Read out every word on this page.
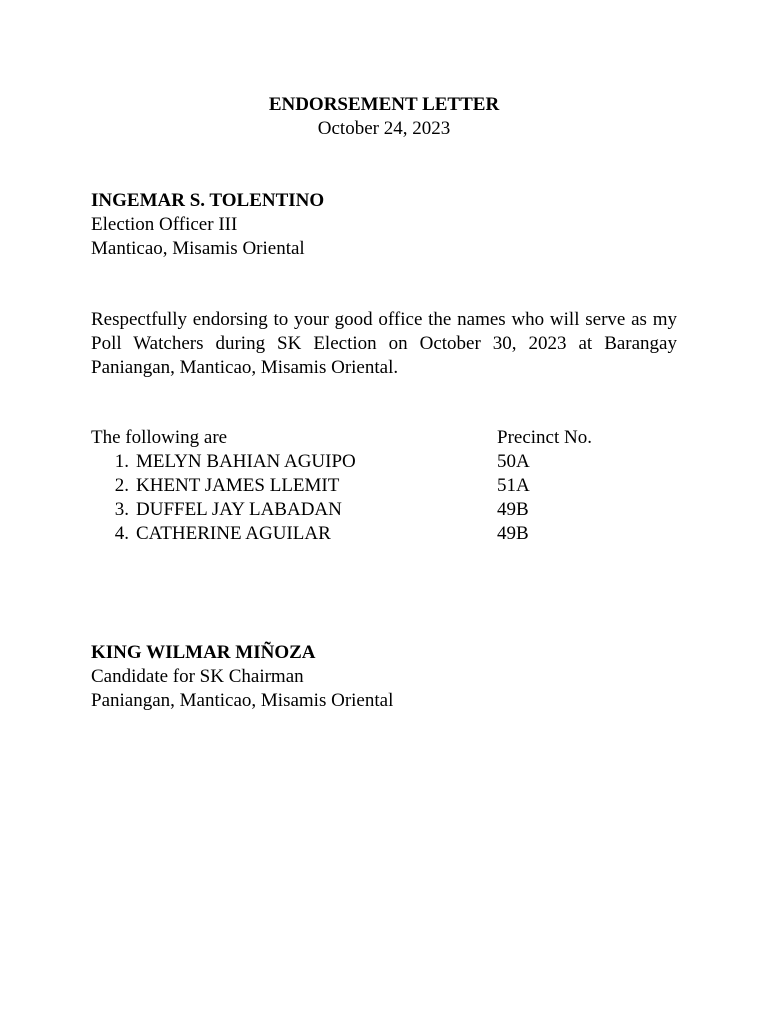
ENDORSEMENT LETTER
October 24, 2023
INGEMAR S. TOLENTINO
Election Officer III
Manticao, Misamis Oriental
Respectfully endorsing to your good office the names who will serve as my Poll Watchers during SK Election on October 30, 2023 at Barangay Paniangan, Manticao, Misamis Oriental.
The following are	Precinct No.
1. MELYN BAHIAN AGUIPO	50A
2. KHENT JAMES LLEMIT	51A
3. DUFFEL JAY LABADAN	49B
4. CATHERINE AGUILAR	49B
KING WILMAR MIÑOZA
Candidate for SK Chairman
Paniangan, Manticao, Misamis Oriental
